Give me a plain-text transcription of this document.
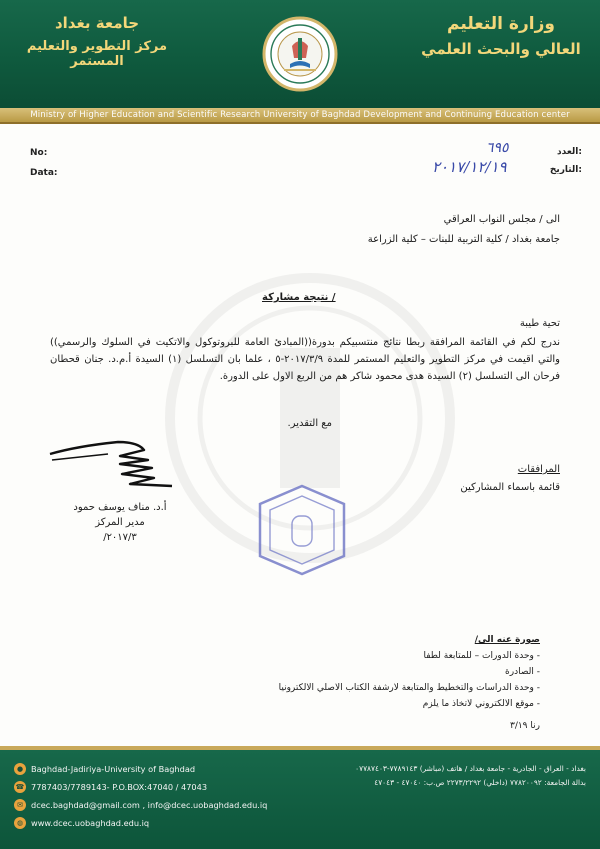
جامعة بغداد
مركز التطوير والتعليم المستمر
وزارة التعليم
العالي والبحث العلمي
Ministry of Higher Education and Scientific Research University of Baghdad Development and Continuing Education center
No:
Data:
:العدد
:التاريخ
٦٩٥
٢٠١٧/١٢/١٩
الى / مجلس النواب العراقي
جامعة بغداد / كلية التربية للبنات – كلية الزراعة
/ نتيجة مشاركة
تحية طيبة
ندرج لكم في القائمة المرافقة ربطا نتائج منتسبيكم بدورة((المبادئ العامة للبروتوكول والاتكيت في السلوك والرسمي)) والتي اقيمت في مركز التطوير والتعليم المستمر للمدة ٢٠١٧/٣/٩-٥ ، علما بان التسلسل (١) السيدة أ.م.د. جنان قحطان فرحان الى التسلسل (٢) السيدة هدى محمود شاكر هم من الربع الاول على الدورة.
مع التقدير.
أ.د. مناف يوسف حمود
مدير المركز
٢٠١٧/٣/
المرافقات
قائمة باسماء المشاركين
صورة عنه الى/
- وحدة الدورات – للمتابعة لطفا
- الصادرة
- وحدة الدراسات والتخطيط والمتابعة لارشفة الكتاب الاصلي الالكترونيا
- موقع الالكتروني لاتخاذ ما يلزم
رنا ٣/١٩
● Baghdad-Jadiriya-University of Baghdad
☎ 7787403/7789143- P.O.BOX:47040 / 47043
✉ dcec.baghdad@gmail.com , info@dcec.uobaghdad.edu.iq
◍ www.dcec.uobaghdad.edu.iq
بغداد - العراق - الجادرية - جامعة بغداد / هاتف (مباشر) ٧٧٨٩١٤٣-٠٧٧٨٧٤٠٣
بدالة الجامعة: ٧٧٨٢٠٠٩٢ (داخلي) ٢٢٧٣/٢٢٩٢ ص.ب: ٤٧٠٤٠ - ٤٧٠٤٣
